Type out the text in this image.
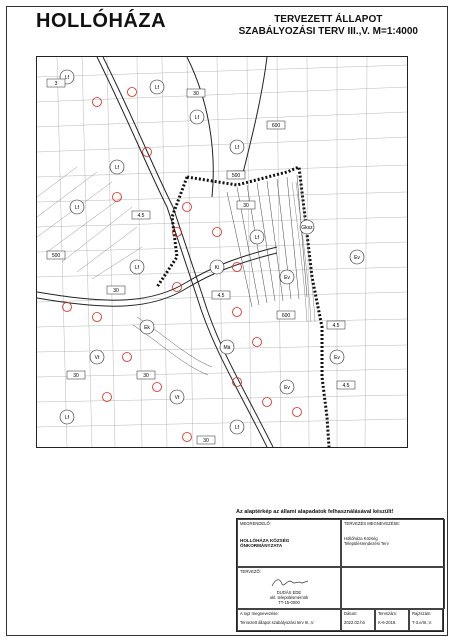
HOLLÓHÁZA	TERVEZETT ÁLLAPOT
SZABÁLYOZÁSI TERV III.,V. M=1:4000
Lf
Lf
Lf
Lf
Lf
Lf
Lf
Lf
Vt
Vt
Má
Ev
Ev
Ev
Ev
Ek
Ki
Gksz
Lf
Lf
3
30
4.5
500
30
30
4.5
600
4.5
30
30
600
500
30
4.5
Az alaptérkép az állami alapadatok felhasználásával készült!
MEGRENDELŐ:
HOLLÓHÁZA KÖZSÉG
ÖNKORMÁNYZATA
TERVEZÉS MEGNEVEZÉSE:
Hollóháza Község
Településrendezési Terv
TERVEZŐ:
DUDÁS EDE
okl. településmérnök
TT-15-0000
A rajz megnevezése:
Tervezett állapot szabályozási terv III.,V.
Dátum:
2022.02.hó
Tervszám:
K-6-2019.
Rajzszám:
T-3.e/III.,V.
